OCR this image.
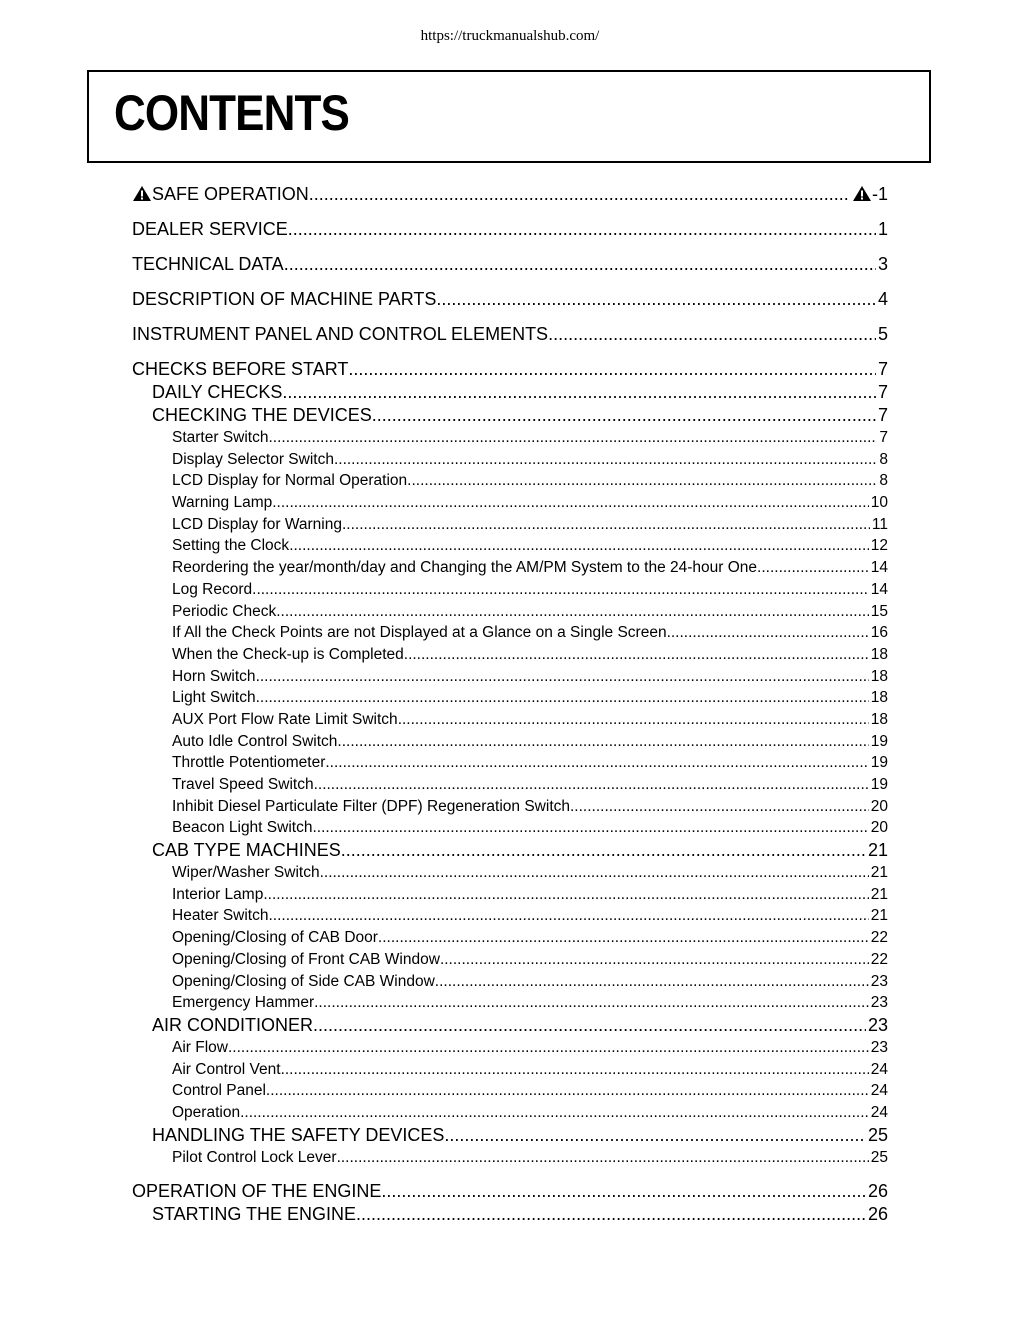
https://truckmanualshub.com/
CONTENTS
SAFE OPERATION .....	-1
DEALER SERVICE .....	1
TECHNICAL DATA .....	3
DESCRIPTION OF MACHINE PARTS .....	4
INSTRUMENT PANEL AND CONTROL ELEMENTS .....	5
CHECKS BEFORE START .....	7
DAILY CHECKS .....	7
CHECKING THE DEVICES .....	7
Starter Switch .....	7
Display Selector Switch .....	8
LCD Display for Normal Operation .....	8
Warning Lamp .....	10
LCD Display for Warning .....	11
Setting the Clock .....	12
Reordering the year/month/day and Changing the AM/PM System to the 24-hour One .....	14
Log Record .....	14
Periodic Check .....	15
If All the Check Points are not Displayed at a Glance on a Single Screen .....	16
When the Check-up is Completed .....	18
Horn Switch .....	18
Light Switch .....	18
AUX Port Flow Rate Limit Switch .....	18
Auto Idle Control Switch .....	19
Throttle Potentiometer .....	19
Travel Speed Switch .....	19
Inhibit Diesel Particulate Filter (DPF) Regeneration Switch .....	20
Beacon Light Switch .....	20
CAB TYPE MACHINES .....	21
Wiper/Washer Switch .....	21
Interior Lamp .....	21
Heater Switch .....	21
Opening/Closing of CAB Door .....	22
Opening/Closing of Front CAB Window .....	22
Opening/Closing of Side CAB Window .....	23
Emergency Hammer .....	23
AIR CONDITIONER .....	23
Air Flow .....	23
Air Control Vent .....	24
Control Panel .....	24
Operation .....	24
HANDLING THE SAFETY DEVICES .....	25
Pilot Control Lock Lever .....	25
OPERATION OF THE ENGINE .....	26
STARTING THE ENGINE .....	26
